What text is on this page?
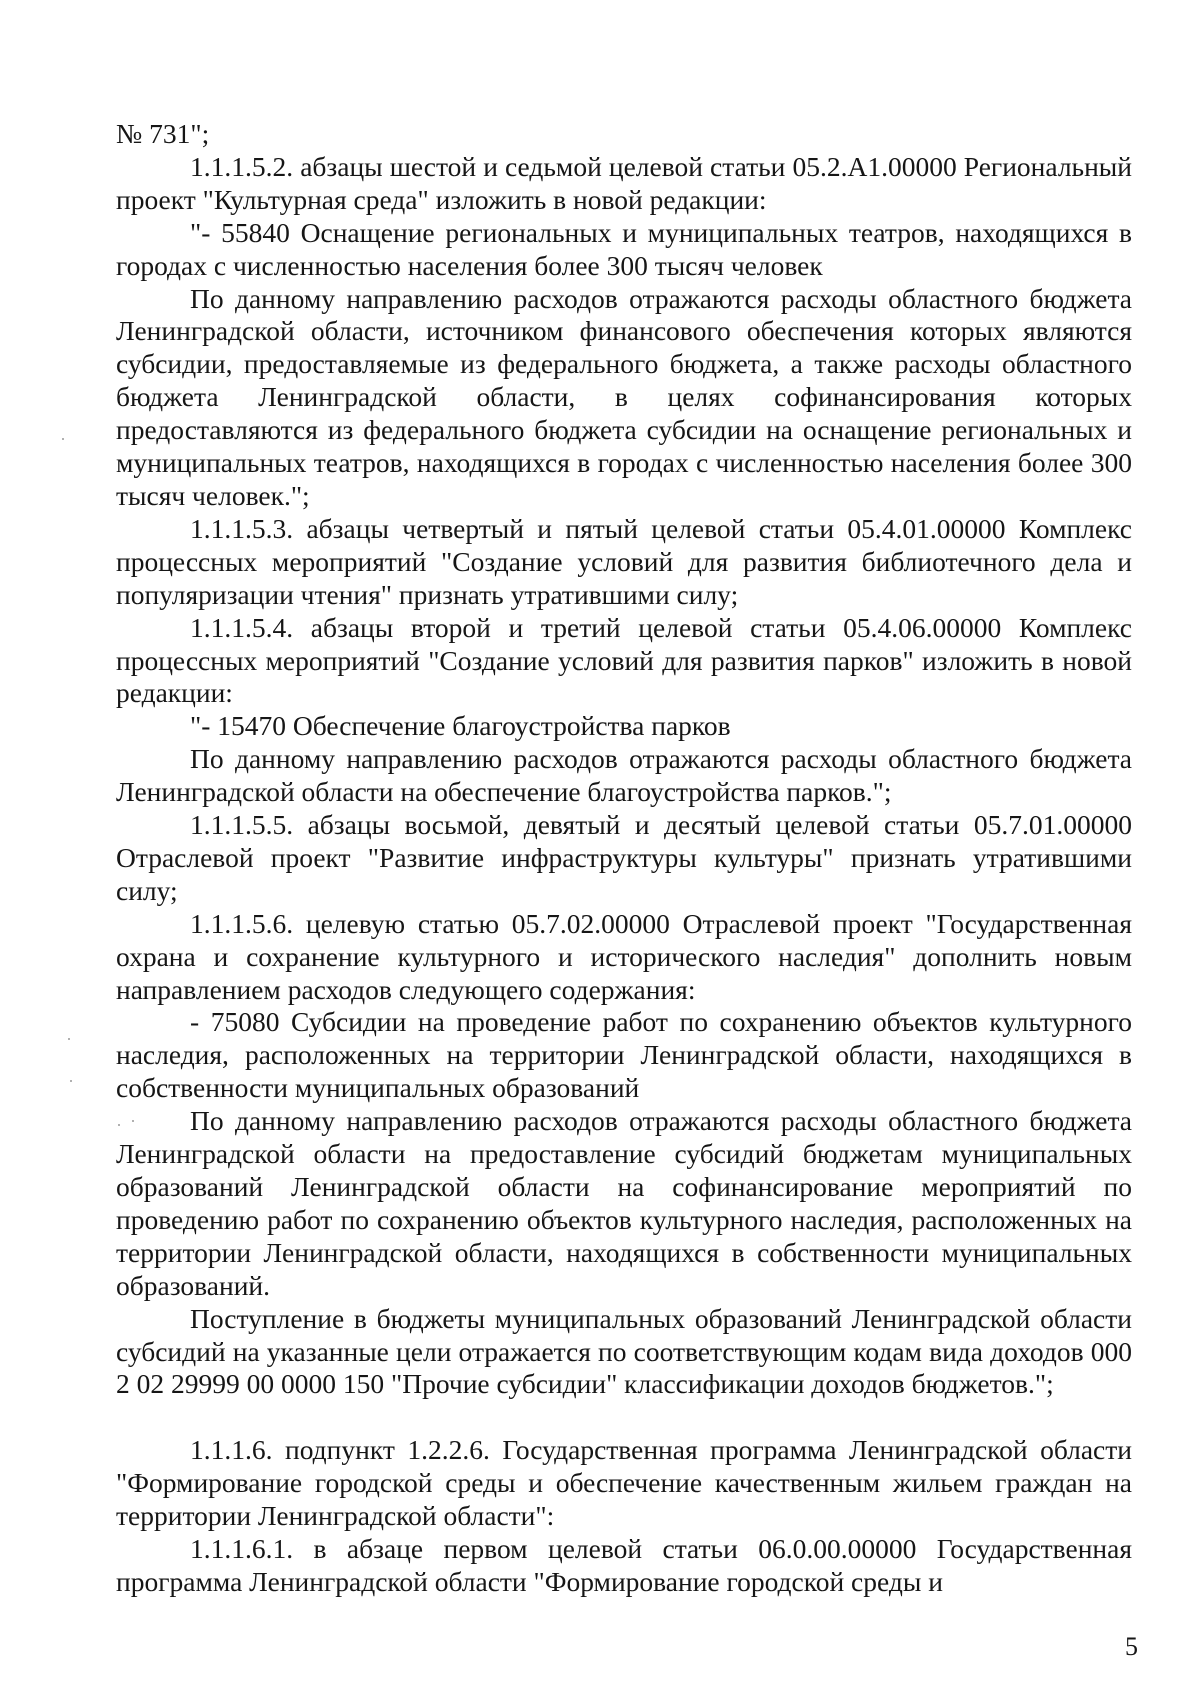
№ 731";

1.1.1.5.2. абзацы шестой и седьмой целевой статьи 05.2.А1.00000 Региональный проект "Культурная среда" изложить в новой редакции:

"- 55840 Оснащение региональных и муниципальных театров, находящихся в городах с численностью населения более 300 тысяч человек

По данному направлению расходов отражаются расходы областного бюджета Ленинградской области, источником финансового обеспечения которых являются субсидии, предоставляемые из федерального бюджета, а также расходы областного бюджета Ленинградской области, в целях софинансирования которых предоставляются из федерального бюджета субсидии на оснащение региональных и муниципальных театров, находящихся в городах с численностью населения более 300 тысяч человек.";

1.1.1.5.3. абзацы четвертый и пятый целевой статьи 05.4.01.00000 Комплекс процессных мероприятий "Создание условий для развития библиотечного дела и популяризации чтения" признать утратившими силу;

1.1.1.5.4. абзацы второй и третий целевой статьи 05.4.06.00000 Комплекс процессных мероприятий "Создание условий для развития парков" изложить в новой редакции:

"- 15470 Обеспечение благоустройства парков

По данному направлению расходов отражаются расходы областного бюджета Ленинградской области на обеспечение благоустройства парков.";

1.1.1.5.5. абзацы восьмой, девятый и десятый целевой статьи 05.7.01.00000 Отраслевой проект "Развитие инфраструктуры культуры" признать утратившими силу;

1.1.1.5.6. целевую статью 05.7.02.00000 Отраслевой проект "Государственная охрана и сохранение культурного и исторического наследия" дополнить новым направлением расходов следующего содержания:

- 75080 Субсидии на проведение работ по сохранению объектов культурного наследия, расположенных на территории Ленинградской области, находящихся в собственности муниципальных образований

По данному направлению расходов отражаются расходы областного бюджета Ленинградской области на предоставление субсидий бюджетам муниципальных образований Ленинградской области на софинансирование мероприятий по проведению работ по сохранению объектов культурного наследия, расположенных на территории Ленинградской области, находящихся в собственности муниципальных образований.

Поступление в бюджеты муниципальных образований Ленинградской области субсидий на указанные цели отражается по соответствующим кодам вида доходов 000 2 02 29999 00 0000 150 "Прочие субсидии" классификации доходов бюджетов.";

1.1.1.6. подпункт 1.2.2.6. Государственная программа Ленинградской области "Формирование городской среды и обеспечение качественным жильем граждан на территории Ленинградской области":

1.1.1.6.1. в абзаце первом целевой статьи 06.0.00.00000 Государственная программа Ленинградской области "Формирование городской среды и

5
